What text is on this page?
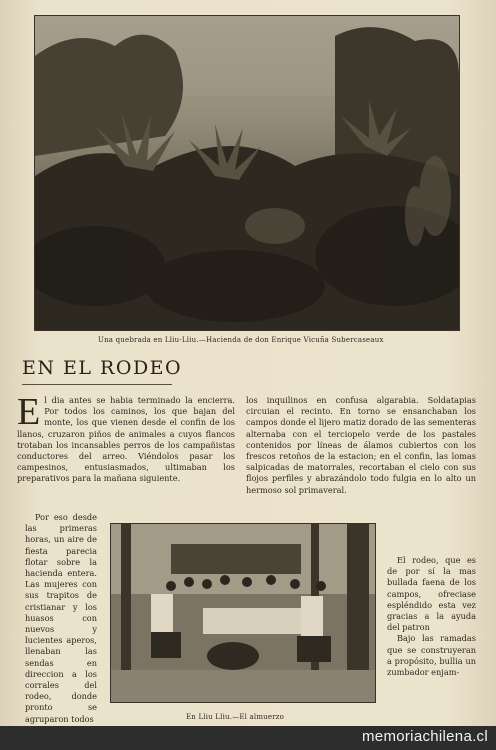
Una quebrada en Lliu-Lliu.—Hacienda de don Enrique Vicuña Subercaseaux
EN EL RODEO

El dia antes se habia terminado la encierra. Por todos los caminos, los que bajan del monte, los que vienen desde el confin de los llanos, cruzaron piños de animales a cuyos flancos trotaban los incansables perros de los campañistas conductores del arreo. Viéndolos pasar los campesinos, entusiasmados, ultimaban los preparativos para la mañana siguiente.

Por eso desde las primeras horas, un aire de fiesta parecia flotar sobre la hacienda entera. Las mujeres con sus trapitos de cristianar y los huasos con nuevos y lucientes aperos, llenaban las sendas en direccion a los corrales del rodeo, donde pronto se agruparon todos

los inquilinos en confusa algarabia. Soldatapias circuian el recinto. En torno se ensanchaban los campos donde el lijero matiz dorado de las sementeras alternaba con el terciopelo verde de los pastales contenidos por líneas de álamos cubiertos con los frescos retoños de la estacion; en el confin, las lomas salpicadas de matorrales, recortaban el cielo con sus flojos perfiles y abrazándolo todo fulgia en lo alto un hermoso sol primaveral.

El rodeo, que es de por sí la mas bullada faena de los campos, ofreciase espléndido esta vez gracias a la ayuda del patron

Bajo las ramadas que se construyeran a propósito, bullia un zumbador enjam-

En Lliu Lliu.—El almuerzo
memoriachilena.cl
